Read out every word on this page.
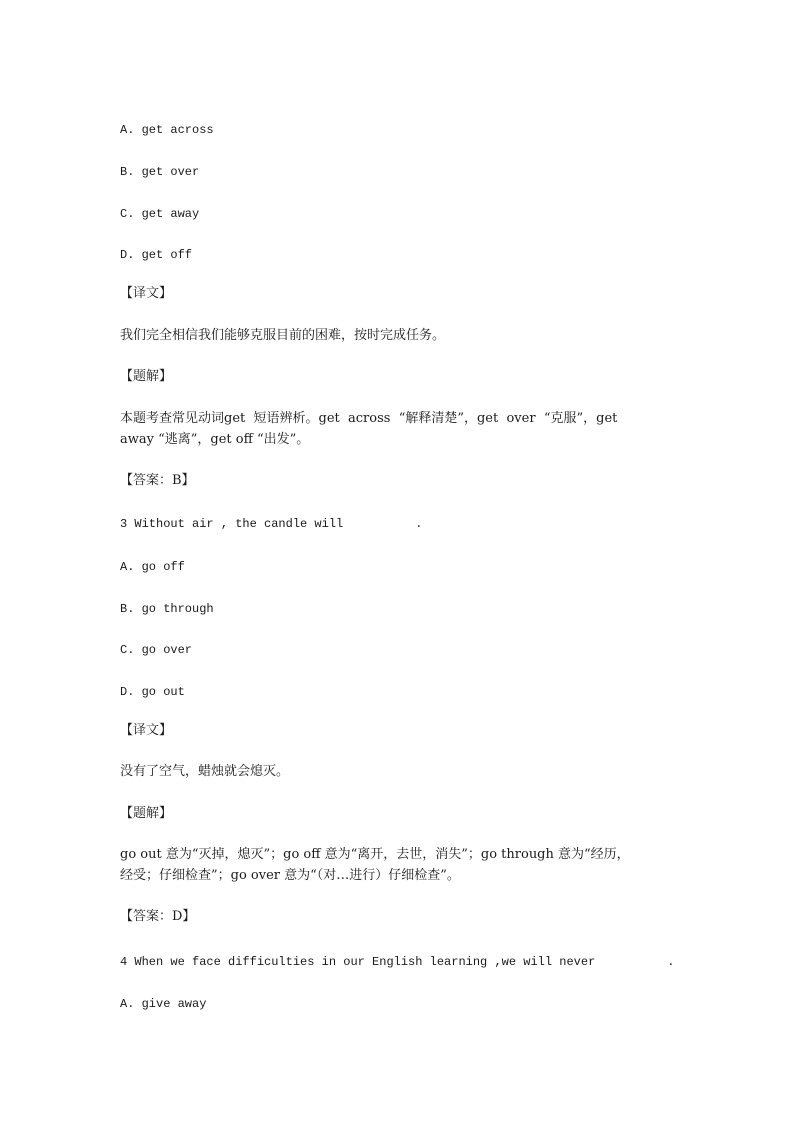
A. get across
B. get over
C. get away
D. get off
【译文】
我们完全相信我们能够克服目前的困难，按时完成任务。
【题解】
本题考查常见动词get  短语辨析。get  across  “解释清楚”，get  over  “克服”，get
away “逃离”，get off “出发”。
【答案：B】
3 Without air , the candle will          .
A. go off
B. go through
C. go over
D. go out
【译文】
没有了空气，蜡烛就会熄灭。
【题解】
go out 意为“灭掉，熄灭”；go off 意为“离开，去世，消失”；go through 意为“经历，
经受；仔细检查”；go over 意为“（对…进行）仔细检查”。
【答案：D】
4 When we face difficulties in our English learning ,we will never          .
A. give away
